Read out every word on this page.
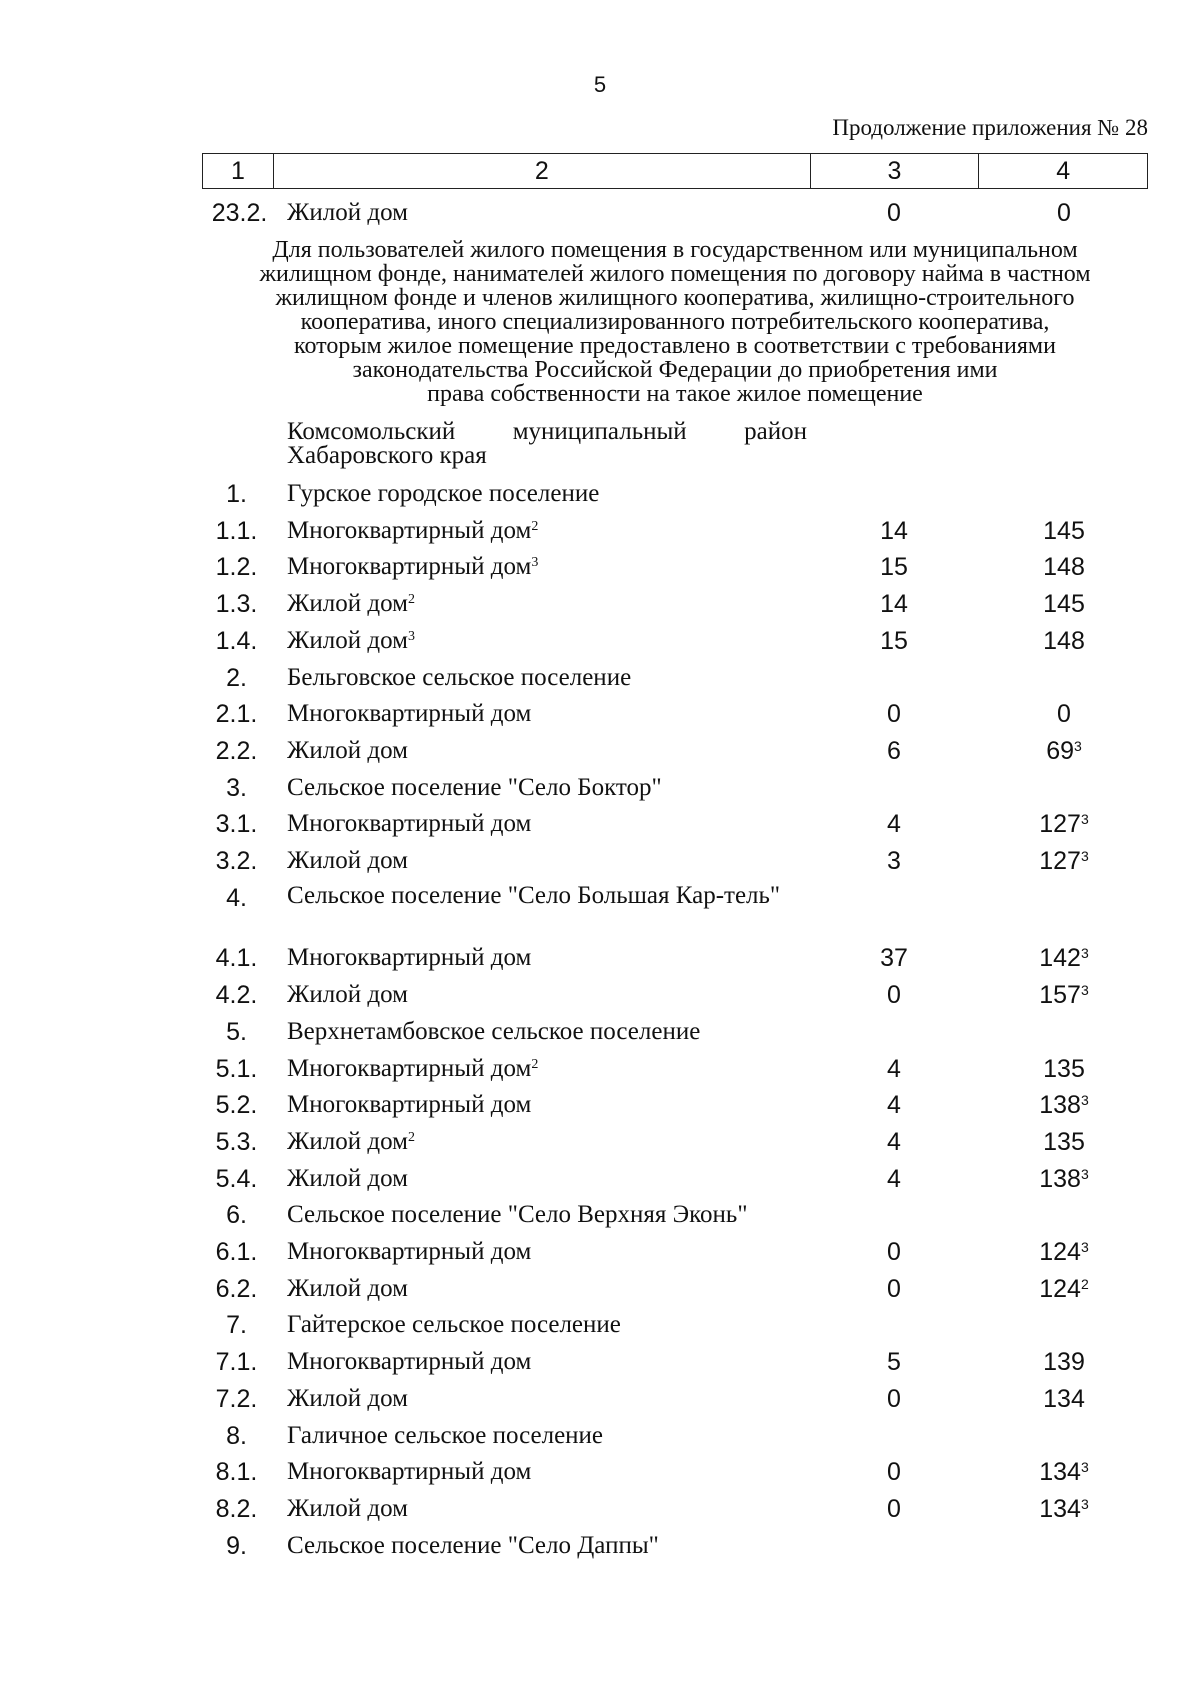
5
Продолжение приложения № 28
1	2	3	4
23.2. Жилой дом	0	0
Для пользователей жилого помещения в государственном или муниципальном
жилищном фонде, нанимателей жилого помещения по договору найма в частном
жилищном фонде и членов жилищного кооператива, жилищно-строительного
кооператива, иного специализированного потребительского кооператива,
которым жилое помещение предоставлено в соответствии с требованиями
законодательства Российской Федерации до приобретения ими
права собственности на такое жилое помещение
Комсомольский муниципальный район
Хабаровского края
1.	Гурское городское поселение
1.1.	Многоквартирный дом$^2$	14	145
1.2.	Многоквартирный дом$^3$	15	148
1.3.	Жилой дом$^2$	14	145
1.4.	Жилой дом$^3$	15	148
2.	Бельговское сельское поселение
2.1.	Многоквартирный дом	0	0
2.2.	Жилой дом	6	$69^3$
3.	Сельское поселение "Село Боктор"
3.1.	Многоквартирный дом	4	$127^3$
3.2.	Жилой дом	3	$127^3$
4.	Сельское поселение "Село Большая Кар-тель"
4.1.	Многоквартирный дом	37	$142^3$
4.2.	Жилой дом	0	$157^3$
5.	Верхнетамбовское сельское поселение
5.1.	Многоквартирный дом$^2$	4	135
5.2.	Многоквартирный дом	4	$138^3$
5.3.	Жилой дом$^2$	4	135
5.4.	Жилой дом	4	$138^3$
6.	Сельское поселение "Село Верхняя Эконь"
6.1.	Многоквартирный дом	0	$124^3$
6.2.	Жилой дом	0	$124^2$
7.	Гайтерское сельское поселение
7.1.	Многоквартирный дом	5	139
7.2.	Жилой дом	0	134
8.	Галичное сельское поселение
8.1.	Многоквартирный дом	0	$134^3$
8.2.	Жилой дом	0	$134^3$
9.	Сельское поселение "Село Даппы"
